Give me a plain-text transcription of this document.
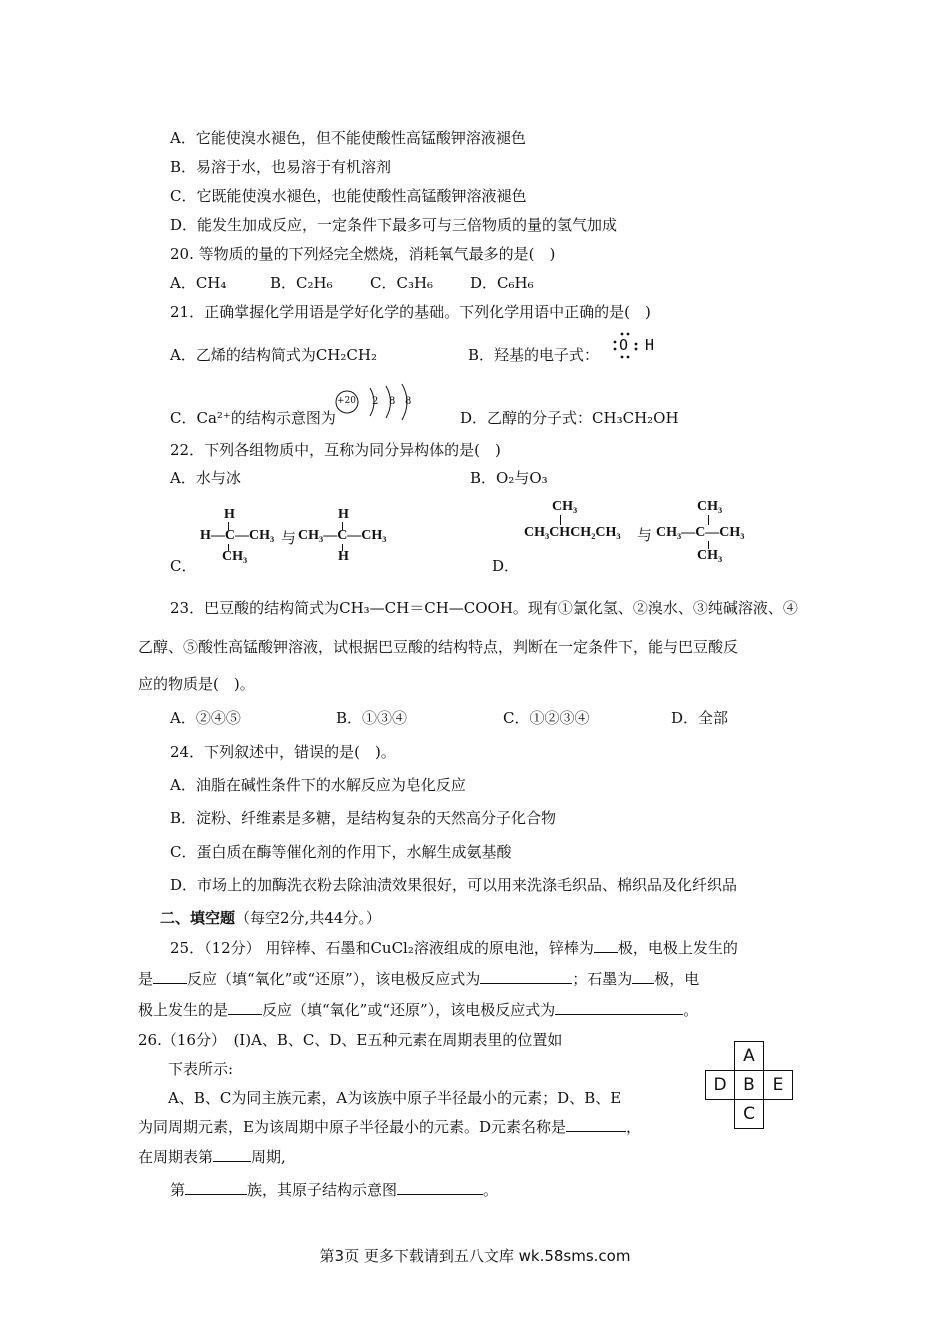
A．它能使溴水褪色，但不能使酸性高锰酸钾溶液褪色
B．易溶于水，也易溶于有机溶剂
C．它既能使溴水褪色，也能使酸性高锰酸钾溶液褪色
D．能发生加成反应，一定条件下最多可与三倍物质的量的氢气加成
20. 等物质的量的下列烃完全燃烧，消耗氧气最多的是(　)
A．CH₄	B．C₂H₆ C．C₃H₆ D．C₆H₆
21．正确掌握化学用语是学好化学的基础。下列化学用语中正确的是(　)
A．乙烯的结构简式为CH₂CH₂	B．羟基的电子式：
O H
C．Ca²⁺的结构示意图为
+20 2 8 8
D．乙醇的分子式：CH₃CH₂OH
22．下列各组物质中，互称为同分异构体的是(　)
A．水与冰	B．O₂与O₃
H
H—C—CH₃
CH₃
与
H
CH₃—C—CH₃
H
C．
CH₃
CH₃CHCH₂CH₃ 与
CH₃
CH₃—C—CH₃
CH₃
D．
23．巴豆酸的结构简式为CH₃—CH＝CH—COOH。现有①氯化氢、②溴水、③纯碱溶液、④
乙醇、⑤酸性高锰酸钾溶液，试根据巴豆酸的结构特点，判断在一定条件下，能与巴豆酸反
应的物质是(　)。
A．②④⑤	B．①③④	C．①②③④	D．全部
24．下列叙述中，错误的是(　)。
A．油脂在碱性条件下的水解反应为皂化反应
B．淀粉、纤维素是多糖，是结构复杂的天然高分子化合物
C．蛋白质在酶等催化剂的作用下，水解生成氨基酸
D．市场上的加酶洗衣粉去除油渍效果很好，可以用来洗涤毛织品、棉织品及化纤织品
二、填空题（每空2分,共44分。）
25．（12分） 用锌棒、石墨和CuCl₂溶液组成的原电池，锌棒为 极，电极上发生的
是 反应（填“氧化”或“还原”），该电极反应式为	；石墨为 极，电
极上发生的是 反应（填“氧化”或“还原”），该电极反应式为	。
26.（16分）　(Ⅰ)A、B、C、D、E五种元素在周期表里的位置如
下表所示:
A、B、C为同主族元素，A为该族中原子半径最小的元素；D、B、E
为同周期元素，E为该周期中原子半径最小的元素。D元素名称是	，
在周期表第	周期,
第	族，其原子结构示意图	。
A
D B	E
C
第3页 更多下载请到五八文库 wk.58sms.com
